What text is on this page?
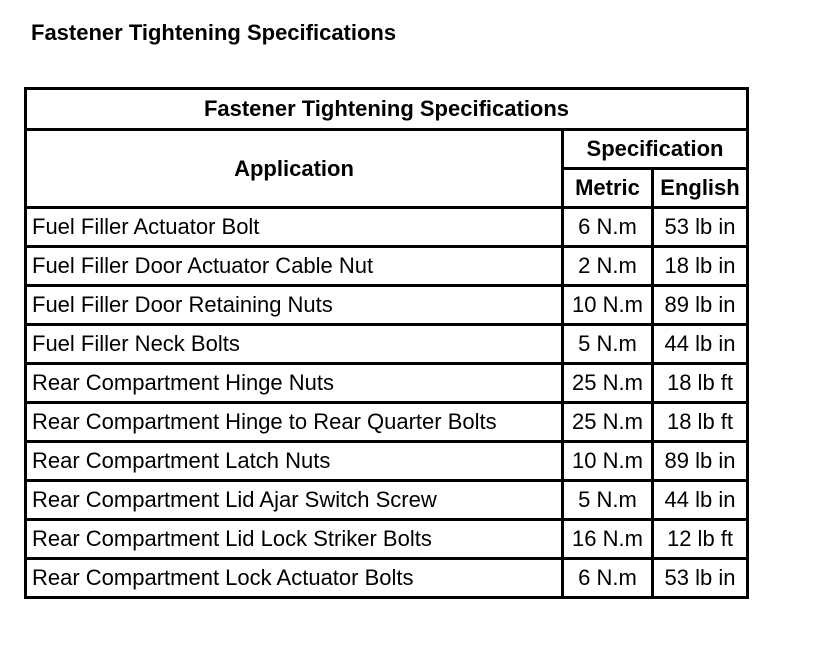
Fastener Tightening Specifications
Fastener Tightening Specifications		
Application	Specification	
	Metric	English
Fuel Filler Actuator Bolt	6 N.m	53 lb in
Fuel Filler Door Actuator Cable Nut	2 N.m	18 lb in
Fuel Filler Door Retaining Nuts	10 N.m	89 lb in
Fuel Filler Neck Bolts	5 N.m	44 lb in
Rear Compartment Hinge Nuts	25 N.m	18 lb ft
Rear Compartment Hinge to Rear Quarter Bolts	25 N.m	18 lb ft
Rear Compartment Latch Nuts	10 N.m	89 lb in
Rear Compartment Lid Ajar Switch Screw	5 N.m	44 lb in
Rear Compartment Lid Lock Striker Bolts	16 N.m	12 lb ft
Rear Compartment Lock Actuator Bolts	6 N.m	53 lb in
